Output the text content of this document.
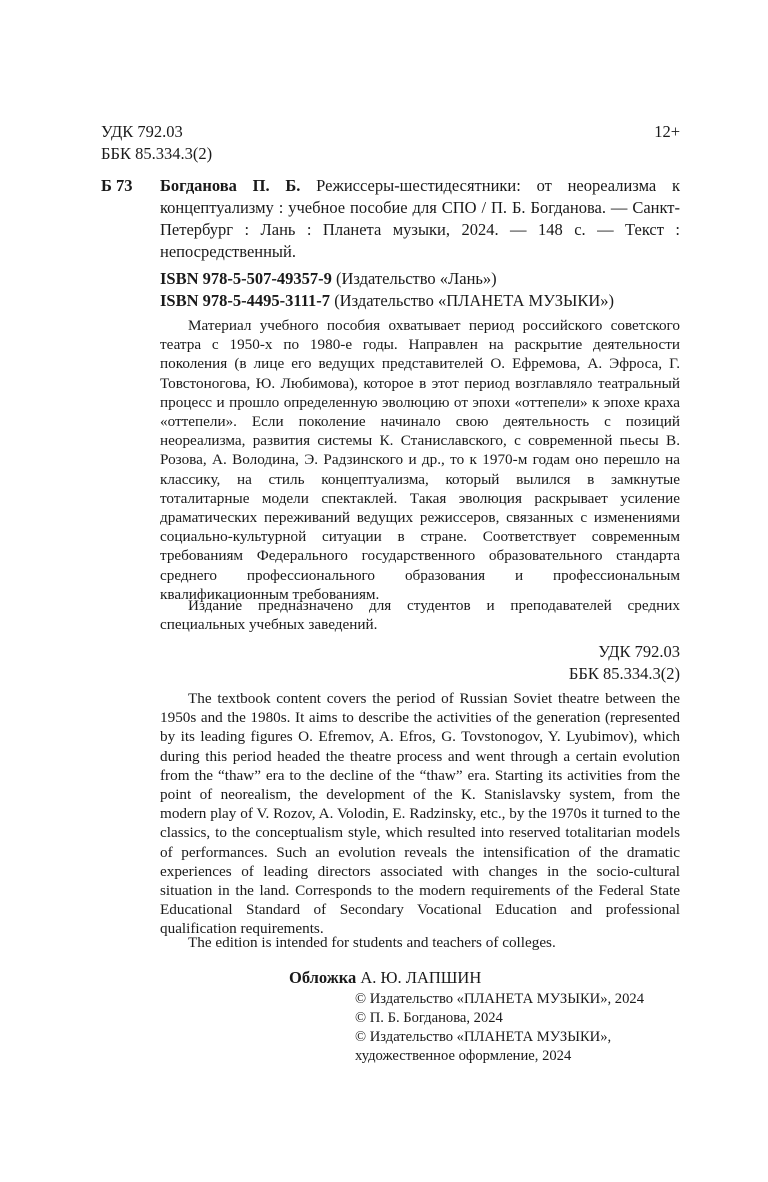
УДК 792.03
ББК 85.334.3(2)
12+
Б 73 Богданова П. Б. Режиссеры-шестидесятники: от неореализма к концептуализму : учебное пособие для СПО / П. Б. Богданова. — Санкт-Петербург : Лань : Планета музыки, 2024. — 148 с. — Текст : непосредственный.

ISBN 978-5-507-49357-9 (Издательство «Лань»)
ISBN 978-5-4495-3111-7 (Издательство «ПЛАНЕТА МУЗЫКИ»)

Материал учебного пособия охватывает период российского советского театра с 1950-х по 1980-е годы. Направлен на раскрытие деятельности поколения (в лице его ведущих представителей О. Ефремова, А. Эфроса, Г. Товстоногова, Ю. Любимова), которое в этот период возглавляло театральный процесс и прошло определенную эволюцию от эпохи «оттепели» к эпохе краха «оттепели». Если поколение начинало свою деятельность с позиций неореализма, развития системы К. Станиславского, с современной пьесы В. Розова, А. Володина, Э. Радзинского и др., то к 1970-м годам оно перешло на классику, на стиль концептуализма, который вылился в замкнутые тоталитарные модели спектаклей. Такая эволюция раскрывает усиление драматических переживаний ведущих режиссеров, связанных с изменениями социально-культурной ситуации в стране. Соответствует современным требованиям Федерального государственного образовательного стандарта среднего профессионального образования и профессиональным квалификационным требованиям.

Издание предназначено для студентов и преподавателей средних специальных учебных заведений.

УДК 792.03
ББК 85.334.3(2)

The textbook content covers the period of Russian Soviet theatre between the 1950s and the 1980s. It aims to describe the activities of the generation (represented by its leading figures O. Efremov, A. Efros, G. Tovstonogov, Y. Lyubimov), which during this period headed the theatre process and went through a certain evolution from the “thaw” era to the decline of the “thaw” era. Starting its activities from the point of neorealism, the development of the K. Stanislavsky system, from the modern play of V. Rozov, A. Volodin, E. Radzinsky, etc., by the 1970s it turned to the classics, to the conceptualism style, which resulted into reserved totalitarian models of performances. Such an evolution reveals the intensification of the dramatic experiences of leading directors associated with changes in the socio-cultural situation in the land. Corresponds to the modern requirements of the Federal State Educational Standard of Secondary Vocational Education and professional qualification requirements.

The edition is intended for students and teachers of colleges.

Обложка А. Ю. ЛАПШИН
© Издательство «ПЛАНЕТА МУЗЫКИ», 2024
© П. Б. Богданова, 2024
© Издательство «ПЛАНЕТА МУЗЫКИ»,
художественное оформление, 2024
